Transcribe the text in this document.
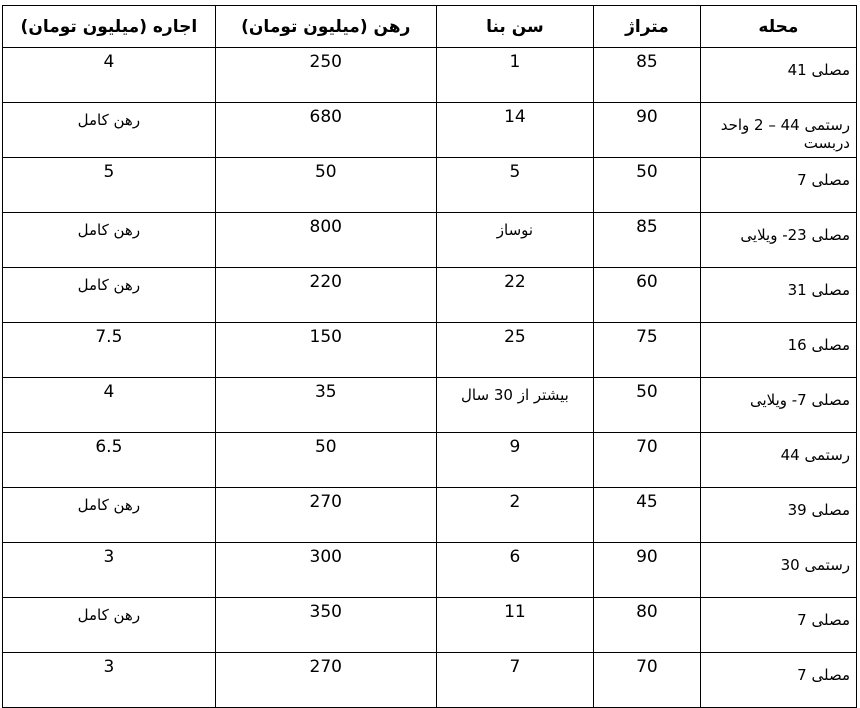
محله	متراژ	سن بنا	رهن (میلیون تومان)	اجاره (میلیون تومان)
مصلی 41	85	1	250	4
رستمی 44 – 2 واحد دربست	90	14	680	رهن کامل
مصلی 7	50	5	50	5
مصلی 23- ویلایی	85	نوساز	800	رهن کامل
مصلی 31	60	22	220	رهن کامل
مصلی 16	75	25	150	7.5
مصلی 7- ویلایی	50	بیشتر از 30 سال	35	4
رستمی 44	70	9	50	6.5
مصلی 39	45	2	270	رهن کامل
رستمی 30	90	6	300	3
مصلی 7	80	11	350	رهن کامل
مصلی 7	70	7	270	3
